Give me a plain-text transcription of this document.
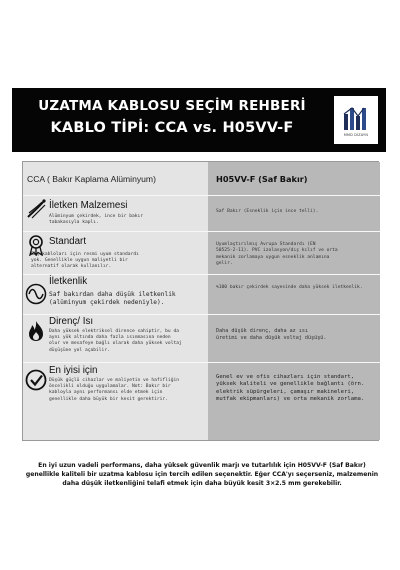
UZATMA KABLOSU SEÇİM REHBERİ
KABLO TİPİ: CCA vs. H05VV-F	MMD DİZAYN
CCA ( Bakır Kaplama Alüminyum)	H05VV-F (Saf Bakır)
İletken Malzemesi
Alüminyum çekirdek, ince bir bakır
tabakasıyla kaplı.
Saf Bakır (Esneklik için ince telli).
Standart
Güç kabloları için resmi uyum standardı
yok. Genellikle uygun maliyetli bir
alternatif olarak kullanılır.
Uyumlaştırılmış Avrupa Standardı (EN
50525-2-11). PVC izolasyon/dış kılıf ve orta
mekanik zorlamaya uygun esneklik anlamına
gelir.
İletkenlik
Saf bakırdan daha düşük iletkenlik
(alüminyum çekirdek nedeniyle).
%100 bakır çekirdek sayesinde daha yüksek iletkenlik.
Direnç/ Isı
Daha yüksek elektriksel dirence sahiptir, bu da
aynı yük altında daha fazla ısınmasına neden
olur ve mesafeye bağlı olarak daha yüksek voltaj
düşüşüne yol açabilir.
Daha düşük direnç, daha az ısı
üretimi ve daha düşük voltaj düşüşü.
En iyisi için
Düşük güçlü cihazlar ve maliyetin ve hafifliğin
öncelikli olduğu uygulamalar. Not: Bakır bir
kabloyla aynı performansı elde etmek için
genellikle daha büyük bir kesit gerektirir.
Genel ev ve ofis cihazları için standart,
yüksek kaliteli ve genellikle bağlantı (örn.
elektrik süpürgeleri, çamaşır makineleri,
mutfak ekipmanları) ve orta mekanik zorlama.
En iyi uzun vadeli performans, daha yüksek güvenlik marjı ve tutarlılık için H05VV-F (Saf Bakır) genellikle kaliteli bir uzatma kablosu için tercih edilen seçenektir. Eğer CCA'yı seçerseniz, malzemenin daha düşük iletkenliğini telafi etmek için daha büyük kesit 3×2.5 mm gerekebilir.
